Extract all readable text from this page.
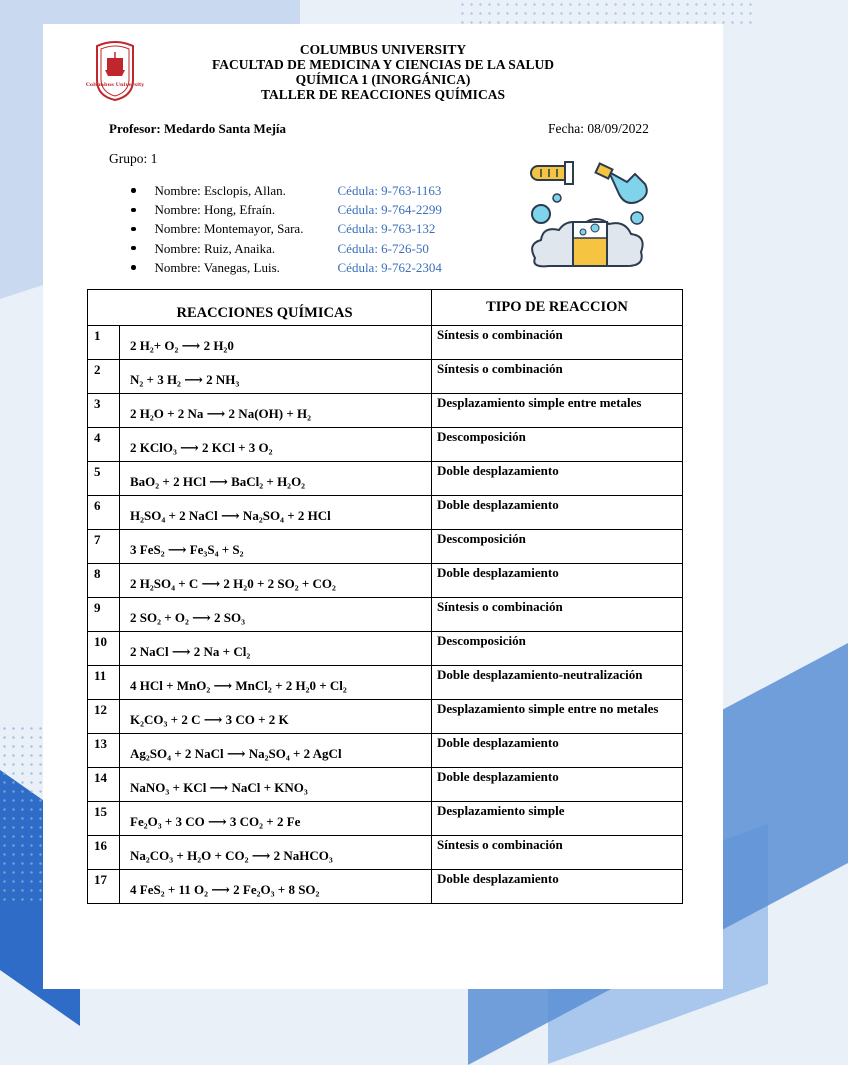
Columbus University
COLUMBUS UNIVERSITY
FACULTAD DE MEDICINA Y CIENCIAS DE LA SALUD
QUÍMICA 1 (INORGÁNICA)
TALLER DE REACCIONES QUÍMICAS
Profesor: Medardo Santa Mejía	Fecha: 08/09/2022
Grupo: 1
Nombre: Esclopis, Allan.	Cédula: 9-763-1163
Nombre: Hong, Efraín.	Cédula: 9-764-2299
Nombre: Montemayor, Sara.	Cédula: 9-763-132
Nombre: Ruiz, Anaika.	Cédula: 6-726-50
Nombre: Vanegas, Luis.	Cédula: 9-762-2304
REACCIONES QUÍMICAS		TIPO DE REACCION
1	2 H₂+ O₂ ⟶ 2 H₂0	Síntesis o combinación
2	N₂ + 3 H₂ ⟶ 2 NH₃	Síntesis o combinación
3	2 H₂O + 2 Na ⟶ 2 Na(OH) + H₂	Desplazamiento simple entre metales
4	2 KClO₃ ⟶ 2 KCl + 3 O₂	Descomposición
5	BaO₂ + 2 HCl ⟶ BaCl₂ + H₂O₂	Doble desplazamiento
6	H₂SO₄ + 2 NaCl ⟶ Na₂SO₄ + 2 HCl	Doble desplazamiento
7	3 FeS₂ ⟶ Fe₃S₄ + S₂	Descomposición
8	2 H₂SO₄ + C ⟶ 2 H₂0 + 2 SO₂ + CO₂	Doble desplazamiento
9	2 SO₂ + O₂ ⟶ 2 SO₃	Síntesis o combinación
10	2 NaCl ⟶ 2 Na + Cl₂	Descomposición
11	4 HCl + MnO₂ ⟶ MnCl₂ + 2 H₂0 + Cl₂	Doble desplazamiento-neutralización
12	K₂CO₃ + 2 C ⟶ 3 CO + 2 K	Desplazamiento simple entre no metales
13	Ag₂SO₄ + 2 NaCl ⟶ Na₂SO₄ + 2 AgCl	Doble desplazamiento
14	NaNO₃ + KCl ⟶ NaCl + KNO₃	Doble desplazamiento
15	Fe₂O₃ + 3 CO ⟶ 3 CO₂ + 2 Fe	Desplazamiento simple
16	Na₂CO₃ + H₂O + CO₂ ⟶ 2 NaHCO₃	Síntesis o combinación
17	4 FeS₂ + 11 O₂ ⟶ 2 Fe₂O₃ + 8 SO₂	Doble desplazamiento
